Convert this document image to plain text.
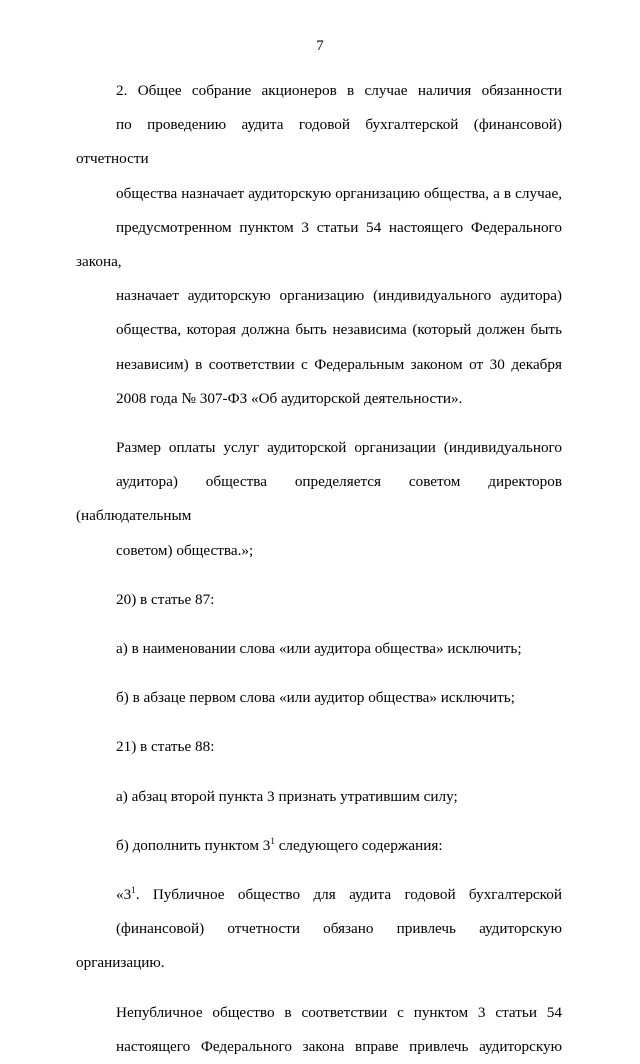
7
2. Общее собрание акционеров в случае наличия обязанности
по проведению аудита годовой бухгалтерской (финансовой) отчетности
общества назначает аудиторскую организацию общества, а в случае,
предусмотренном пунктом 3 статьи 54 настоящего Федерального закона,
назначает аудиторскую организацию (индивидуального аудитора)
общества, которая должна быть независима (который должен быть
независим) в соответствии с Федеральным законом от 30 декабря
2008 года № 307-ФЗ «Об аудиторской деятельности».
Размер оплаты услуг аудиторской организации (индивидуального
аудитора) общества определяется советом директоров (наблюдательным
советом) общества.»;
20) в статье 87:
а) в наименовании слова «или аудитора общества» исключить;
б) в абзаце первом слова «или аудитор общества» исключить;
21) в статье 88:
а) абзац второй пункта 3 признать утратившим силу;
б) дополнить пунктом $3^1$ следующего содержания:
«$3^1$. Публичное общество для аудита годовой бухгалтерской
(финансовой) отчетности обязано привлечь аудиторскую организацию.
Непубличное общество в соответствии с пунктом 3 статьи 54
настоящего Федерального закона вправе привлечь аудиторскую
